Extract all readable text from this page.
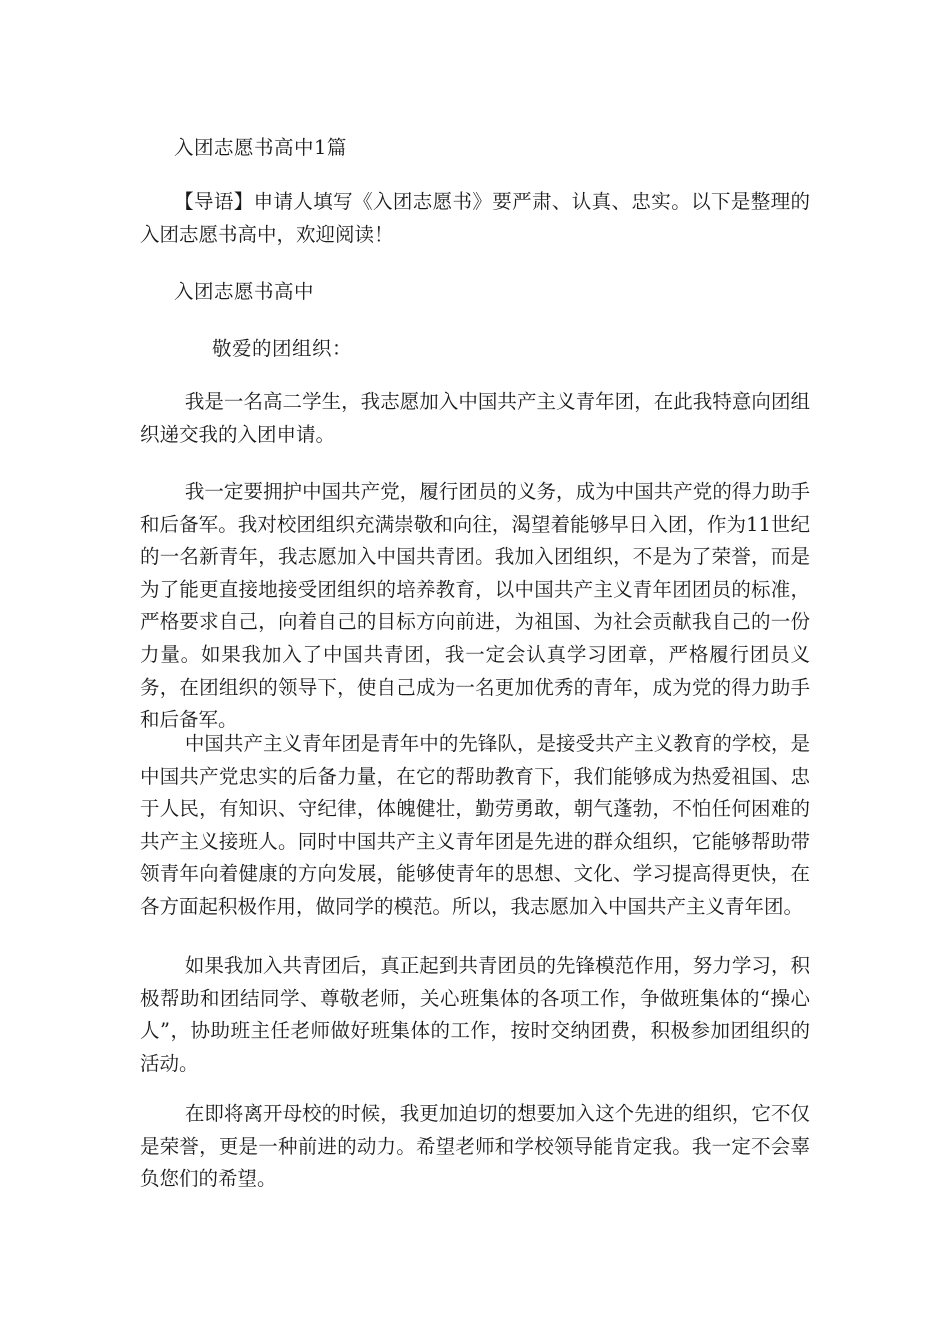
入团志愿书高中1篇
【导语】申请人填写《入团志愿书》要严肃、认真、忠实。以下是整理的入团志愿书高中，欢迎阅读！
入团志愿书高中
敬爱的团组织：
我是一名高二学生，我志愿加入中国共产主义青年团，在此我特意向团组织递交我的入团申请。
我一定要拥护中国共产党，履行团员的义务，成为中国共产党的得力助手和后备军。我对校团组织充满崇敬和向往，渴望着能够早日入团，作为11世纪的一名新青年，我志愿加入中国共青团。我加入团组织，不是为了荣誉，而是为了能更直接地接受团组织的培养教育，以中国共产主义青年团团员的标准，严格要求自己，向着自己的目标方向前进，为祖国、为社会贡献我自己的一份力量。如果我加入了中国共青团，我一定会认真学习团章，严格履行团员义务，在团组织的领导下，使自己成为一名更加优秀的青年，成为党的得力助手和后备军。
中国共产主义青年团是青年中的先锋队，是接受共产主义教育的学校，是中国共产党忠实的后备力量，在它的帮助教育下，我们能够成为热爱祖国、忠于人民，有知识、守纪律，体魄健壮，勤劳勇敢，朝气蓬勃，不怕任何困难的共产主义接班人。同时中国共产主义青年团是先进的群众组织，它能够帮助带领青年向着健康的方向发展，能够使青年的思想、文化、学习提高得更快，在各方面起积极作用，做同学的模范。所以，我志愿加入中国共产主义青年团。
如果我加入共青团后，真正起到共青团员的先锋模范作用，努力学习，积极帮助和团结同学、尊敬老师，关心班集体的各项工作，争做班集体的“操心人”，协助班主任老师做好班集体的工作，按时交纳团费，积极参加团组织的活动。
在即将离开母校的时候，我更加迫切的想要加入这个先进的组织，它不仅是荣誉，更是一种前进的动力。希望老师和学校领导能肯定我。我一定不会辜负您们的希望。
